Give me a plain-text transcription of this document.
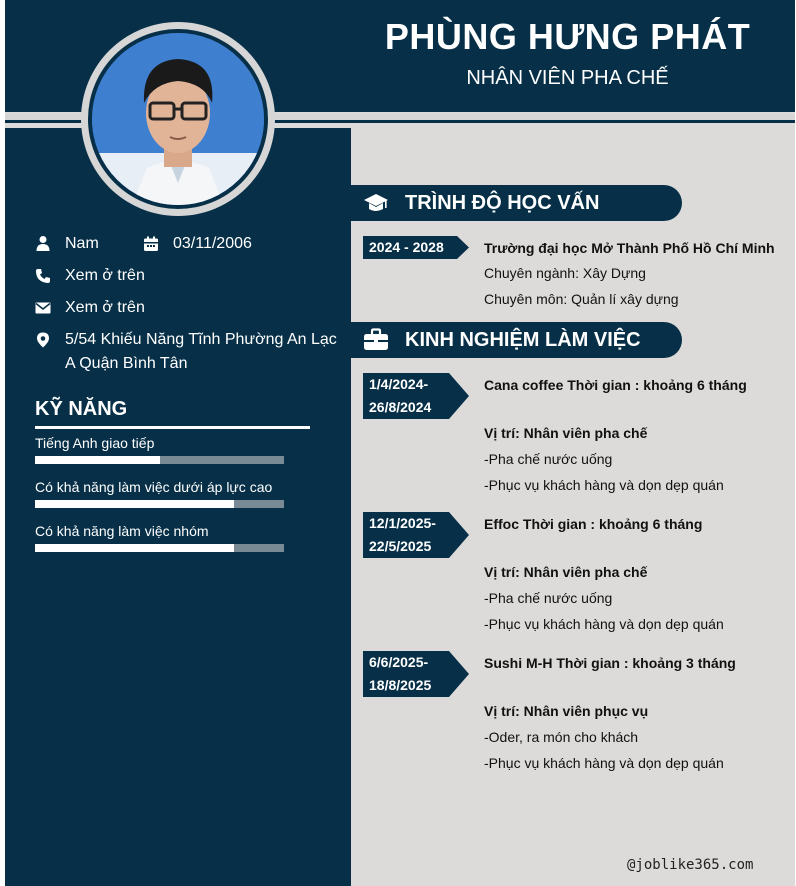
PHÙNG HƯNG PHÁT
NHÂN VIÊN PHA CHẾ
Nam	03/11/2006
Xem ở trên
Xem ở trên
5/54 Khiếu Năng Tĩnh Phường An Lạc
A Quận Bình Tân
KỸ NĂNG
Tiếng Anh giao tiếp
Có khả năng làm việc dưới áp lực cao
Có khả năng làm việc nhóm
TRÌNH ĐỘ HỌC VẤN
2024 - 2028	Trường đại học Mở Thành Phố Hồ Chí Minh
Chuyên ngành: Xây Dựng
Chuyên môn: Quản lí xây dựng
KINH NGHIỆM LÀM VIỆC
1/4/2024-
26/8/2024
Cana coffee Thời gian : khoảng 6 tháng
Vị trí: Nhân viên pha chế
-Pha chế nước uống
-Phục vụ khách hàng và dọn dẹp quán
12/1/2025-
22/5/2025
Effoc Thời gian : khoảng 6 tháng
Vị trí: Nhân viên pha chế
-Pha chế nước uống
-Phục vụ khách hàng và dọn dẹp quán
6/6/2025-
18/8/2025
Sushi M-H Thời gian : khoảng 3 tháng
Vị trí: Nhân viên phục vụ
-Oder, ra món cho khách
-Phục vụ khách hàng và dọn dẹp quán
@joblike365.com
